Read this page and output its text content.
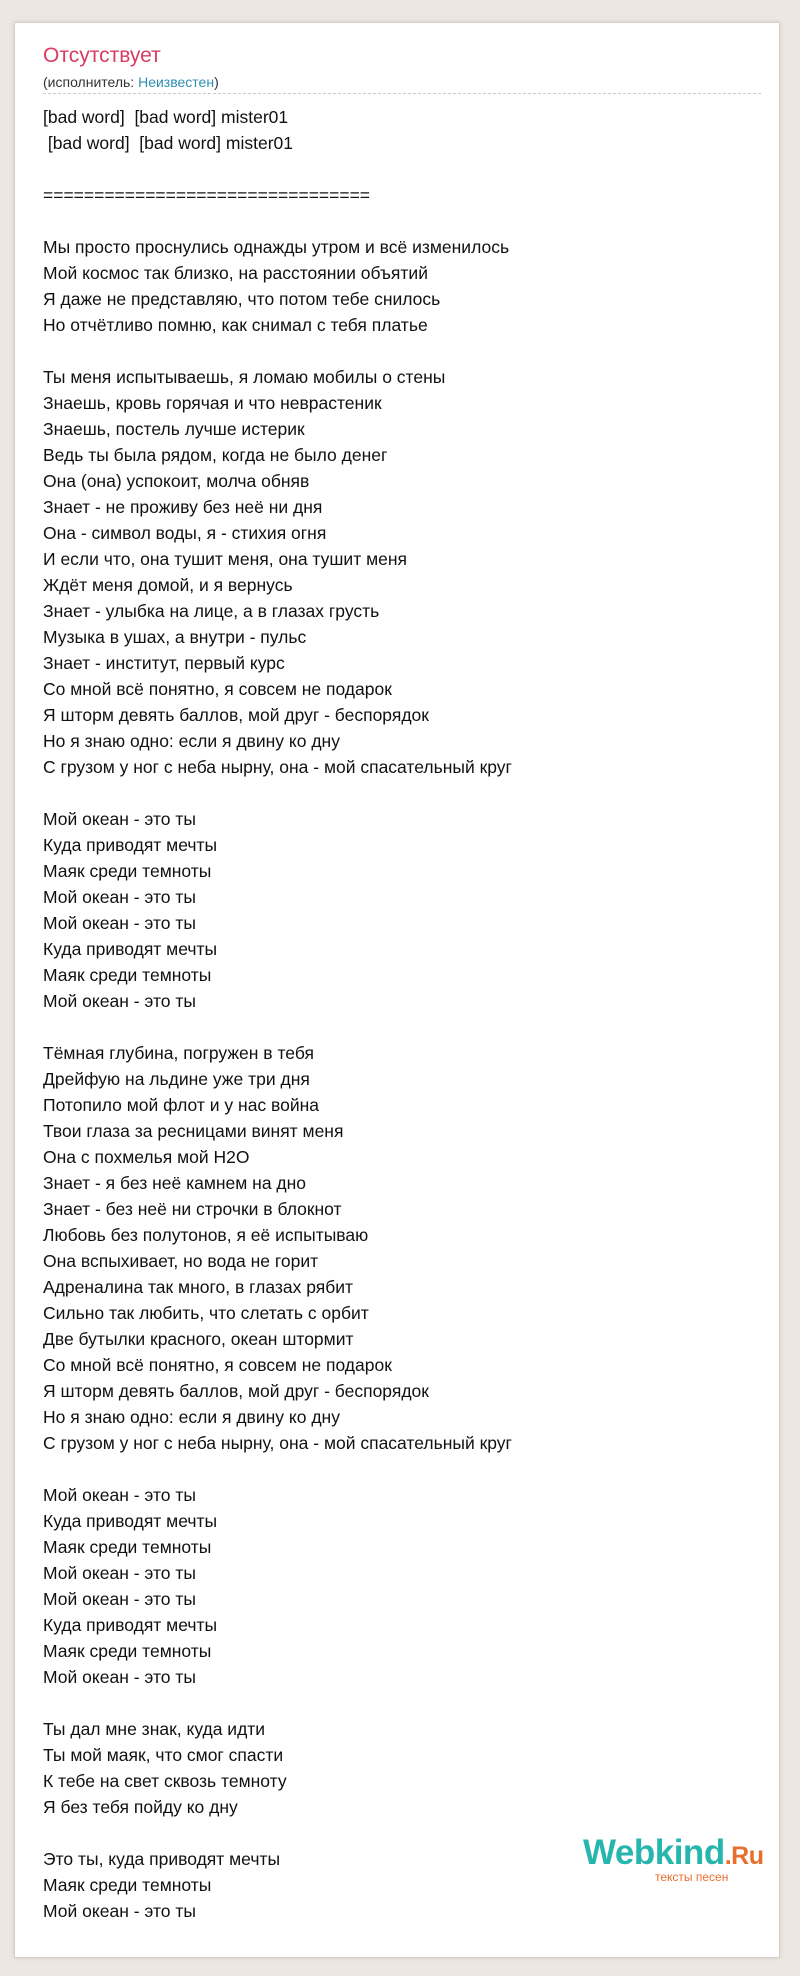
Отсутствует
(исполнитель: Неизвестен)
[bad word]  [bad word] mister01
[bad word]  [bad word] mister01
================================
Мы просто проснулись однажды утром и всё изменилось
Мой космос так близко, на расстоянии объятий
Я даже не представляю, что потом тебе снилось
Но отчётливо помню, как снимал с тебя платье
Ты меня испытываешь, я ломаю мобилы о стены
Знаешь, кровь горячая и что неврастеник
Знаешь, постель лучше истерик
Ведь ты была рядом, когда не было денег
Она (она) успокоит, молча обняв
Знает - не проживу без неё ни дня
Она - символ воды, я - стихия огня
И если что, она тушит меня, она тушит меня
Ждёт меня домой, и я вернусь
Знает - улыбка на лице, а в глазах грусть
Музыка в ушах, а внутри - пульс
Знает - институт, первый курс
Со мной всё понятно, я совсем не подарок
Я шторм девять баллов, мой друг - беспорядок
Но я знаю одно: если я двину ко дну
С грузом у ног с неба нырну, она - мой спасательный круг
Мой океан - это ты
Куда приводят мечты
Маяк среди темноты
Мой океан - это ты
Мой океан - это ты
Куда приводят мечты
Маяк среди темноты
Мой океан - это ты
Тёмная глубина, погружен в тебя
Дрейфую на льдине уже три дня
Потопило мой флот и у нас война
Твои глаза за ресницами винят меня
Она с похмелья мой H2O
Знает - я без неё камнем на дно
Знает - без неё ни строчки в блокнот
Любовь без полутонов, я её испытываю
Она вспыхивает, но вода не горит
Адреналина так много, в глазах рябит
Сильно так любить, что слетать с орбит
Две бутылки красного, океан штормит
Со мной всё понятно, я совсем не подарок
Я шторм девять баллов, мой друг - беспорядок
Но я знаю одно: если я двину ко дну
С грузом у ног с неба нырну, она - мой спасательный круг
Мой океан - это ты
Куда приводят мечты
Маяк среди темноты
Мой океан - это ты
Мой океан - это ты
Куда приводят мечты
Маяк среди темноты
Мой океан - это ты
Ты дал мне знак, куда идти
Ты мой маяк, что смог спасти
К тебе на свет сквозь темноту
Я без тебя пойду ко дну
Это ты, куда приводят мечты
Маяк среди темноты
Мой океан - это ты
Webkind.Ru
тексты песен
